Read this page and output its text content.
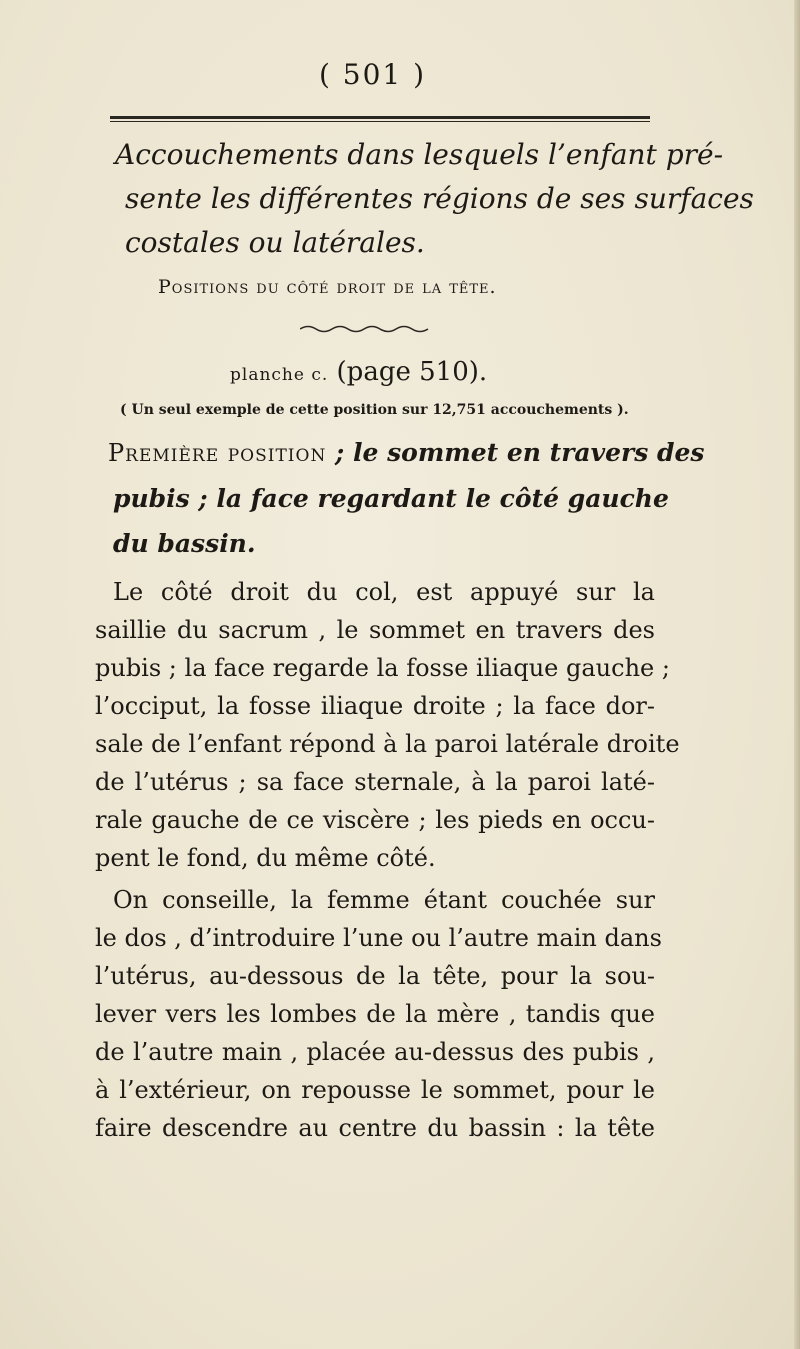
( 501 )
Accouchements dans lesquels l’enfant pré-
sente les différentes régions de ses surfaces
costales ou latérales.
Positions du côté droit de la tête.
planche c. (page 510).
( Un seul exemple de cette position sur 12,751 accouchements ).
Première position ; le sommet en travers des
pubis ; la face regardant le côté gauche
du bassin.
Le côté droit du col, est appuyé sur la
saillie du sacrum , le sommet en travers des
pubis ; la face regarde la fosse iliaque gauche ;
l’occiput, la fosse iliaque droite ; la face dor-
sale de l’enfant répond à la paroi latérale droite
de l’utérus ; sa face sternale, à la paroi laté-
rale gauche de ce viscère ; les pieds en occu-
pent le fond, du même côté.
On conseille, la femme étant couchée sur
le dos , d’introduire l’une ou l’autre main dans
l’utérus, au-dessous de la tête, pour la sou-
lever vers les lombes de la mère , tandis que
de l’autre main , placée au-dessus des pubis ,
à l’extérieur, on repousse le sommet, pour le
faire descendre au centre du bassin : la tête
